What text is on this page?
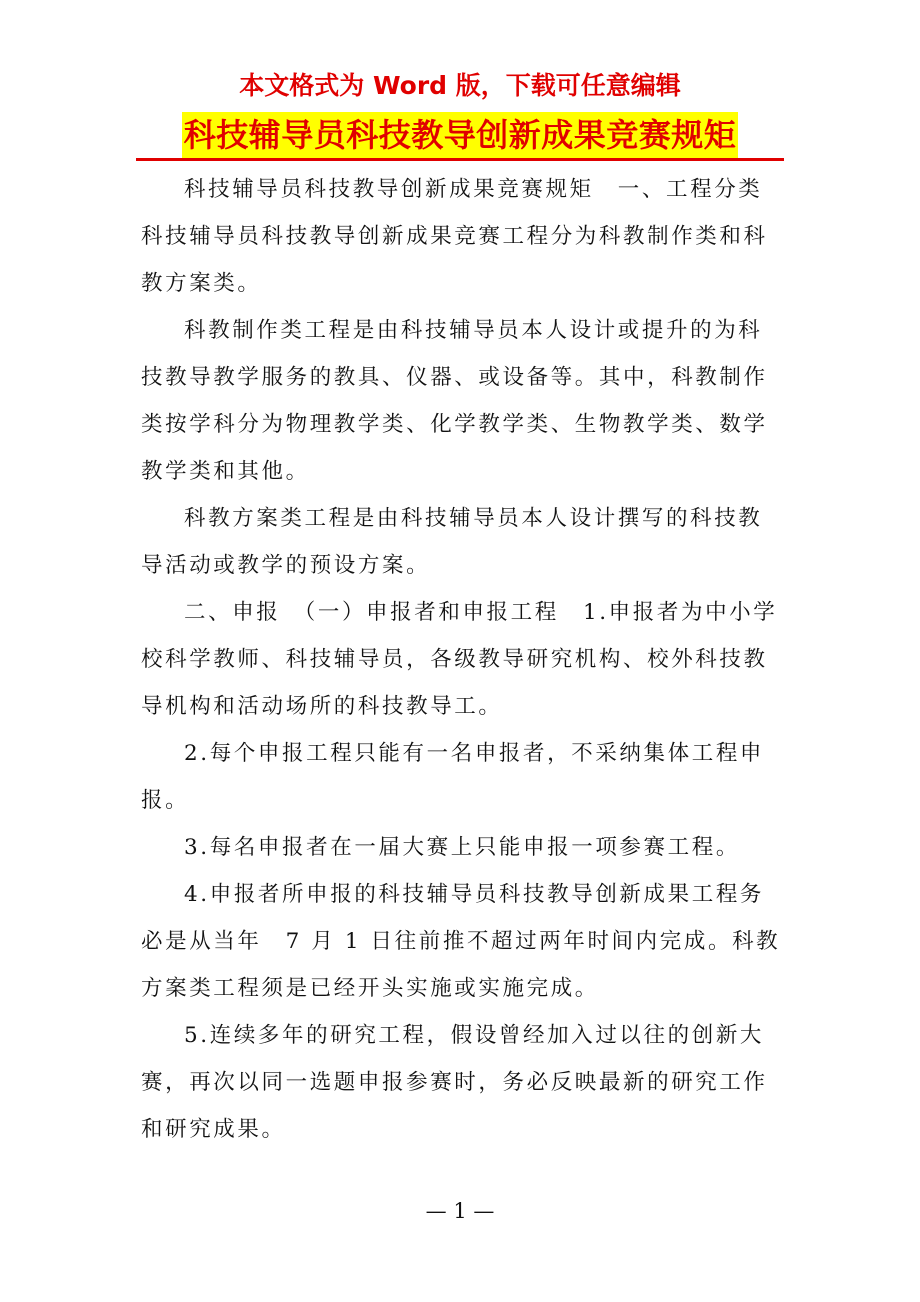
本文格式为 Word 版，下载可任意编辑
科技辅导员科技教导创新成果竞赛规矩

科技辅导员科技教导创新成果竞赛规矩　一、工程分类　科技辅导员科技教导创新成果竞赛工程分为科教制作类和科教方案类。

科教制作类工程是由科技辅导员本人设计或提升的为科技教导教学服务的教具、仪器、或设备等。其中，科教制作类按学科分为物理教学类、化学教学类、生物教学类、数学教学类和其他。

科教方案类工程是由科技辅导员本人设计撰写的科技教导活动或教学的预设方案。

二、申报　（一）申报者和申报工程　1.申报者为中小学校科学教师、科技辅导员，各级教导研究机构、校外科技教导机构和活动场所的科技教导工。

2.每个申报工程只能有一名申报者，不采纳集体工程申报。

3.每名申报者在一届大赛上只能申报一项参赛工程。

4.申报者所申报的科技辅导员科技教导创新成果工程务必是从当年　7 月 1 日往前推不超过两年时间内完成。科教方案类工程须是已经开头实施或实施完成。

5.连续多年的研究工程，假设曾经加入过以往的创新大赛，再次以同一选题申报参赛时，务必反映最新的研究工作和研究成果。

— 1 —
